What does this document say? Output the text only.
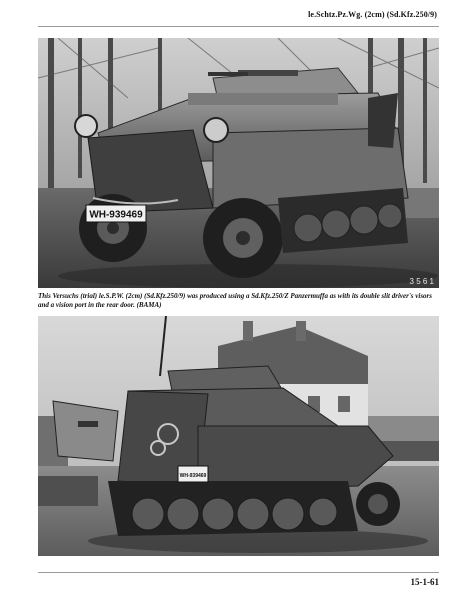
le.Schtz.Pz.Wg. (2cm) (Sd.Kfz.250/9)
WH-939469
3 5 6 1
This Versuchs (trial) le.S.P.W. (2cm) (Sd.Kfz.250/9) was produced using a Sd.Kfz.250/Z Panzermuffa as with its double slit driver's visors and a vision port in the rear door. (BAMA)
WH-939469
15-1-61
